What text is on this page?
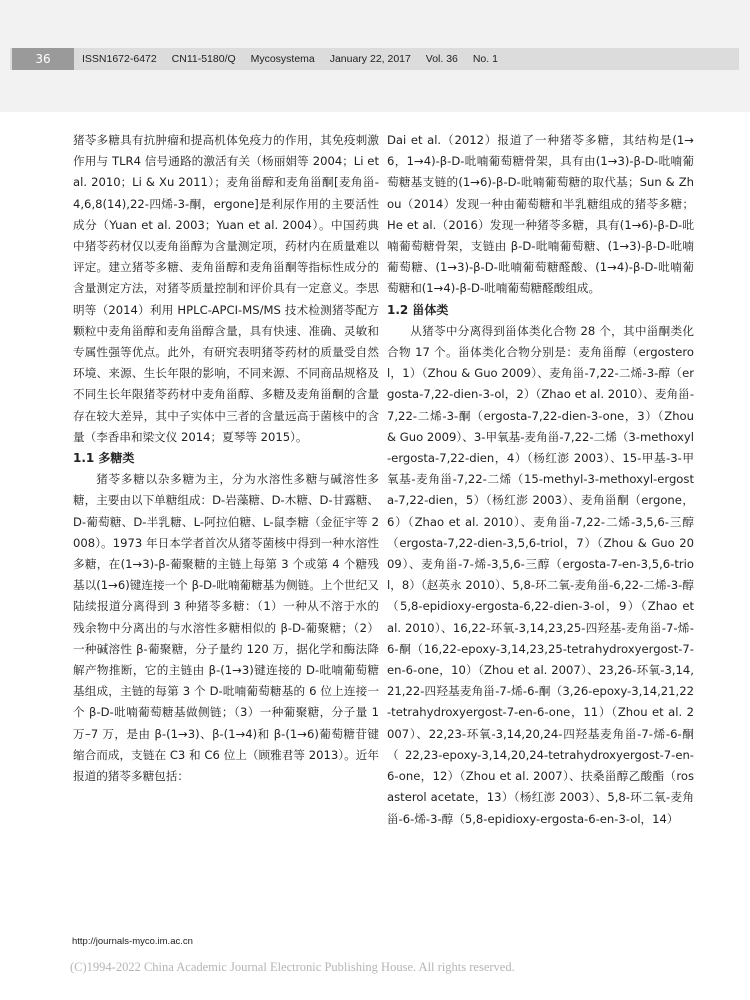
36	ISSN1672-6472 CN11-5180/Q Mycosystema January 22, 2017 Vol. 36 No. 1

猪苓多糖具有抗肿瘤和提高机体免疫力的作用，其免疫刺激作用与 TLR4 信号通路的激活有关（杨丽娟等 2004；Li et al. 2010；Li & Xu 2011）；麦角甾醇和麦角甾酮[麦角甾-4,6,8(14),22-四烯-3-酮，ergone]是利尿作用的主要活性成分（Yuan et al. 2003；Yuan et al. 2004）。中国药典中猪苓药材仅以麦角甾醇为含量测定项，药材内在质量难以评定。建立猪苓多糖、麦角甾醇和麦角甾酮等指标性成分的含量测定方法，对猪苓质量控制和评价具有一定意义。李思明等（2014）利用 HPLC-APCI-MS/MS 技术检测猪苓配方颗粒中麦角甾醇和麦角甾醇含量，具有快速、准确、灵敏和专属性强等优点。此外，有研究表明猪苓药材的质量受自然环境、来源、生长年限的影响，不同来源、不同商品规格及不同生长年限猪苓药材中麦角甾醇、多糖及麦角甾酮的含量存在较大差异，其中子实体中三者的含量远高于菌核中的含量（李香串和梁文仪 2014；夏琴等 2015）。

1.1 多糖类

猪苓多糖以杂多糖为主，分为水溶性多糖与碱溶性多糖，主要由以下单糖组成：D-岩藻糖、D-木糖、D-甘露糖、D-葡萄糖、D-半乳糖、L-阿拉伯糖、L-鼠李糖（金征宇等 2008）。1973 年日本学者首次从猪苓菌核中得到一种水溶性多糖，在(1→3)-β-葡聚糖的主链上每第 3 个或第 4 个糖残基以(1→6)键连接一个 β-D-吡喃葡糖基为侧链。上个世纪又陆续报道分离得到 3 种猪苓多糖：（1）一种从不溶于水的残余物中分离出的与水溶性多糖相似的 β-D-葡聚糖；（2）一种碱溶性 β-葡聚糖，分子量约 120 万，据化学和酶法降解产物推断，它的主链由 β-(1→3)键连接的 D-吡喃葡萄糖基组成，主链的每第 3 个 D-吡喃葡萄糖基的 6 位上连接一个 β-D-吡喃葡萄糖基做侧链；（3）一种葡聚糖，分子量 1 万–7 万，是由 β-(1→3)、β-(1→4)和 β-(1→6)葡萄糖苷键缩合而成，支链在 C3 和 C6 位上（顾雅君等 2013）。近年报道的猪苓多糖包括：

Dai et al.（2012）报道了一种猪苓多糖，其结构是(1→6，1→4)-β-D-吡喃葡萄糖骨架，具有由(1→3)-β-D-吡喃葡萄糖基支链的(1→6)-β-D-吡喃葡萄糖的取代基；Sun & Zhou（2014）发现一种由葡萄糖和半乳糖组成的猪苓多糖；He et al.（2016）发现一种猪苓多糖，具有(1→6)-β-D-吡喃葡萄糖骨架，支链由 β-D-吡喃葡萄糖、(1→3)-β-D-吡喃葡萄糖、(1→3)-β-D-吡喃葡萄糖醛酸、(1→4)-β-D-吡喃葡萄糖和(1→4)-β-D-吡喃葡萄糖醛酸组成。

1.2 甾体类

从猪苓中分离得到甾体类化合物 28 个，其中甾酮类化合物 17 个。甾体类化合物分别是：麦角甾醇（ergosterol，1）（Zhou & Guo 2009）、麦角甾-7,22-二烯-3-醇（ergosta-7,22-dien-3-ol，2）（Zhao et al. 2010）、麦角甾-7,22-二烯-3-酮（ergosta-7,22-dien-3-one，3）（Zhou & Guo 2009）、3-甲氧基-麦角甾-7,22-二烯（3-methoxyl-ergosta-7,22-dien，4）（杨红澎 2003）、15-甲基-3-甲氧基-麦角甾-7,22-二烯（15-methyl-3-methoxyl-ergosta-7,22-dien，5）（杨红澎 2003）、麦角甾酮（ergone，6）（Zhao et al. 2010）、麦角甾-7,22-二烯-3,5,6-三醇（ergosta-7,22-dien-3,5,6-triol，7）（Zhou & Guo 2009）、麦角甾-7-烯-3,5,6-三醇（ergosta-7-en-3,5,6-triol，8）（赵英永 2010）、5,8-环二氧-麦角甾-6,22-二烯-3-醇（5,8-epidioxy-ergosta-6,22-dien-3-ol，9）（Zhao et al. 2010）、16,22-环氧-3,14,23,25-四羟基-麦角甾-7-烯-6-酮（16,22-epoxy-3,14,23,25-tetrahydroxyergost-7-en-6-one，10）（Zhou et al. 2007）、23,26-环氧-3,14,21,22-四羟基麦角甾-7-烯-6-酮（3,26-epoxy-3,14,21,22-tetrahydroxyergost-7-en-6-one，11）（Zhou et al. 2007）、22,23-环氧-3,14,20,24-四羟基麦角甾-7-烯-6-酮（22,23-epoxy-3,14,20,24-tetrahydroxyergost-7-en-6-one，12）（Zhou et al. 2007）、扶桑甾醇乙酸酯（rosasterol acetate，13）（杨红澎 2003）、5,8-环二氧-麦角甾-6-烯-3-醇（5,8-epidioxy-ergosta-6-en-3-ol，14）

http://journals-myco.im.ac.cn
(C)1994-2022 China Academic Journal Electronic Publishing House. All rights reserved.
